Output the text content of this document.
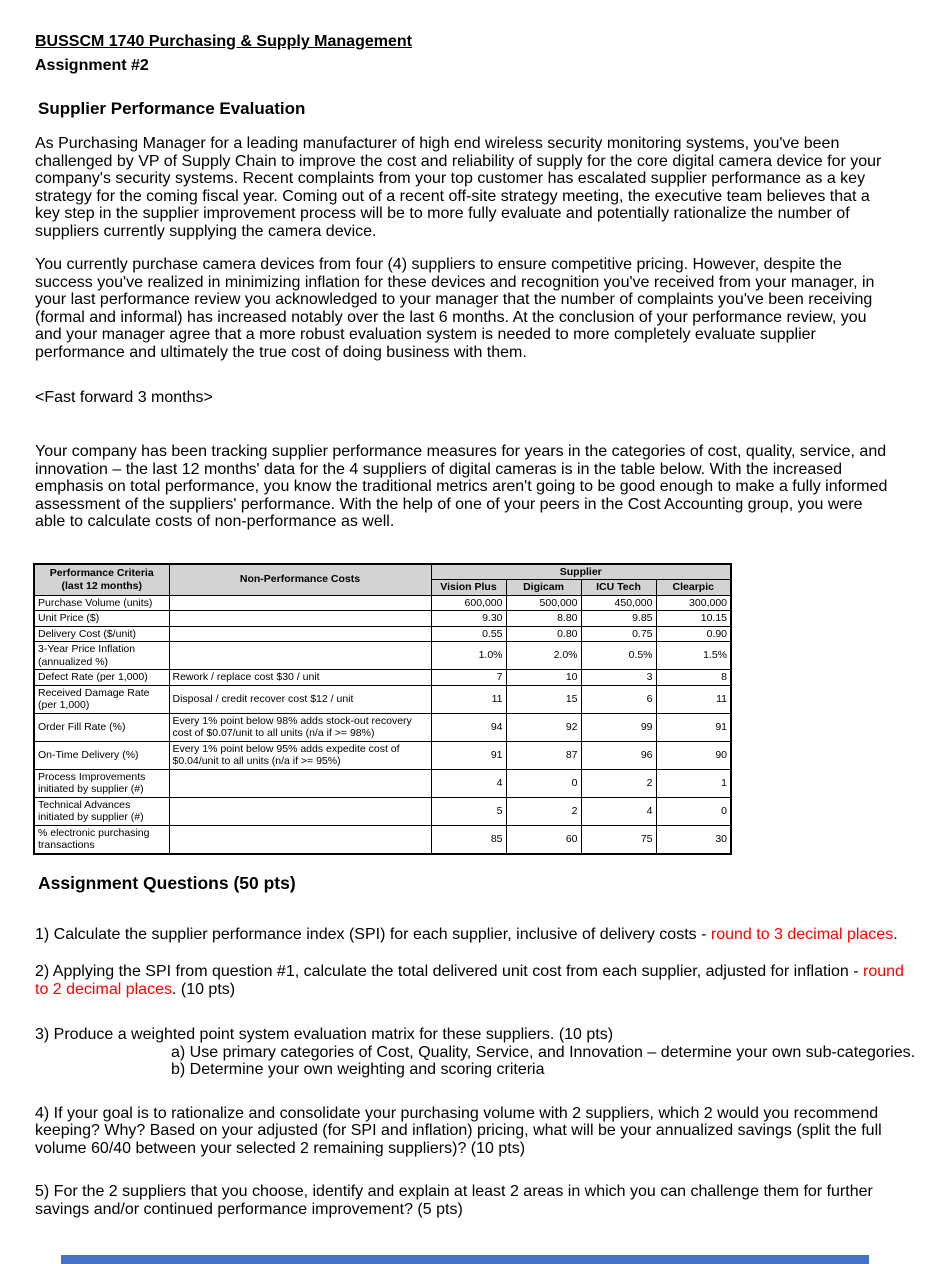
BUSSCM 1740 Purchasing & Supply Management
Assignment #2
Supplier Performance Evaluation

As Purchasing Manager for a leading manufacturer of high end wireless security monitoring systems, you've been challenged by VP of Supply Chain to improve the cost and reliability of supply for the core digital camera device for your company's security systems. Recent complaints from your top customer has escalated supplier performance as a key strategy for the coming fiscal year. Coming out of a recent off-site strategy meeting, the executive team believes that a key step in the supplier improvement process will be to more fully evaluate and potentially rationalize the number of suppliers currently supplying the camera device.

You currently purchase camera devices from four (4) suppliers to ensure competitive pricing. However, despite the success you've realized in minimizing inflation for these devices and recognition you've received from your manager, in your last performance review you acknowledged to your manager that the number of complaints you've been receiving (formal and informal) has increased notably over the last 6 months. At the conclusion of your performance review, you and your manager agree that a more robust evaluation system is needed to more completely evaluate supplier performance and ultimately the true cost of doing business with them.

<Fast forward 3 months>

Your company has been tracking supplier performance measures for years in the categories of cost, quality, service, and innovation – the last 12 months' data for the 4 suppliers of digital cameras is in the table below. With the increased emphasis on total performance, you know the traditional metrics aren't going to be good enough to make a fully informed assessment of the suppliers' performance. With the help of one of your peers in the Cost Accounting group, you were able to calculate costs of non-performance as well.

Performance Criteria
(last 12 months)	Non-Performance Costs	Supplier			
		Vision Plus	Digicam	ICU Tech	Clearpic
Purchase Volume (units)		600,000	500,000	450,000	300,000
Unit Price ($)		9.30	8.80	9.85	10.15
Delivery Cost ($/unit)		0.55	0.80	0.75	0.90
3-Year Price Inflation (annualized %)		1.0%	2.0%	0.5%	1.5%
Defect Rate (per 1,000)	Rework / replace cost $30 / unit	7	10	3	8
Received Damage Rate (per 1,000)	Disposal / credit recover cost $12 / unit	11	15	6	11
Order Fill Rate (%)	Every 1% point below 98% adds stock-out recovery cost of $0.07/unit to all units (n/a if >= 98%)	94	92	99	91
On-Time Delivery (%)	Every 1% point below 95% adds expedite cost of $0.04/unit to all units (n/a if >= 95%)	91	87	96	90
Process Improvements initiated by supplier (#)		4	0	2	1
Technical Advances initiated by supplier (#)		5	2	4	0
% electronic purchasing transactions		85	60	75	30
Assignment Questions (50 pts)

1) Calculate the supplier performance index (SPI) for each supplier, inclusive of delivery costs - round to 3 decimal places.

2) Applying the SPI from question #1, calculate the total delivered unit cost from each supplier, adjusted for inflation - round to 2 decimal places. (10 pts)

3) Produce a weighted point system evaluation matrix for these suppliers. (10 pts)

a) Use primary categories of Cost, Quality, Service, and Innovation – determine your own sub-categories.
b) Determine your own weighting and scoring criteria

4) If your goal is to rationalize and consolidate your purchasing volume with 2 suppliers, which 2 would you recommend keeping? Why? Based on your adjusted (for SPI and inflation) pricing, what will be your annualized savings (split the full volume 60/40 between your selected 2 remaining suppliers)? (10 pts)

5) For the 2 suppliers that you choose, identify and explain at least 2 areas in which you can challenge them for further savings and/or continued performance improvement? (5 pts)
